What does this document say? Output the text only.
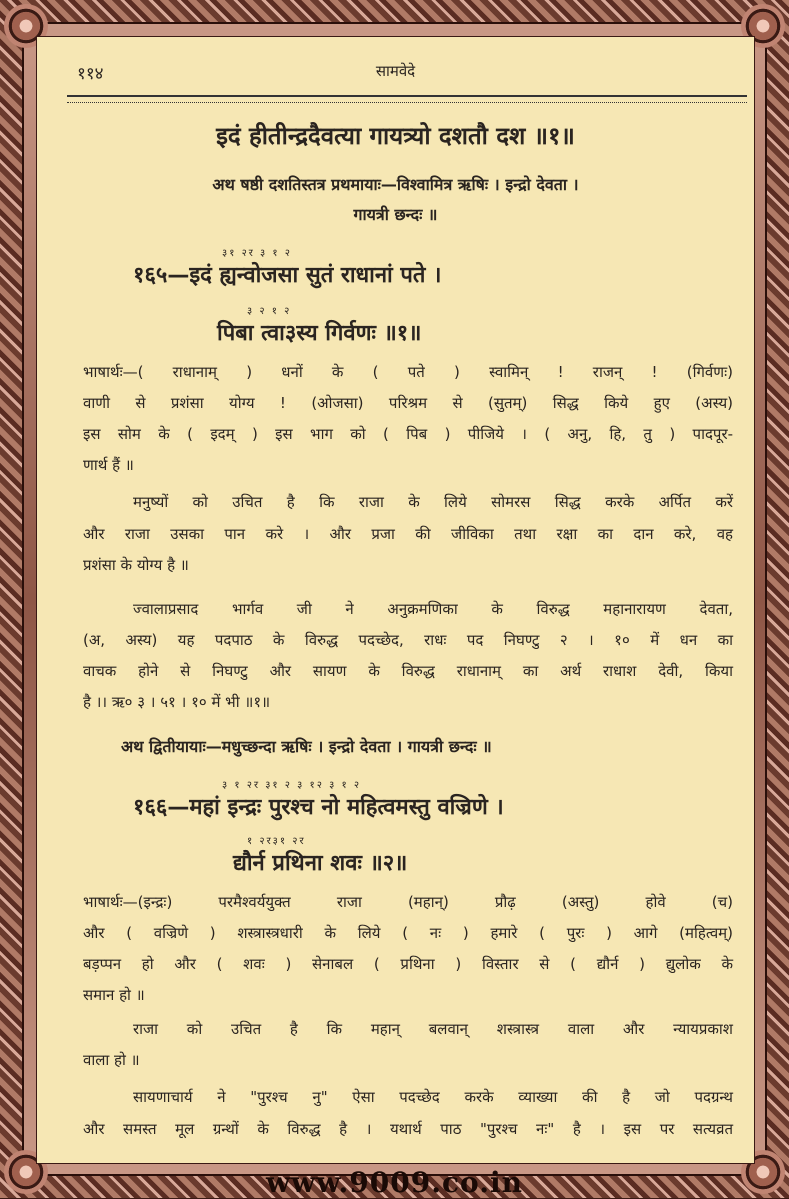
११४	सामवेदे
इदं हीतीन्द्रदैवत्या गायत्र्यो दशतौ दश ॥१॥
अथ षष्ठी दशतिस्तत्र प्रथमायाः—विश्वामित्र ऋषिः । इन्द्रो देवता ।
गायत्री छन्दः ॥
३१ २र ३ १ २
१६५—इदं ह्यन्वोजसा सुतं राधानां पते ।
३ २ १ २
पिबा त्वा३स्य गिर्वणः ॥१॥
भाषार्थः—( राधानाम् ) धनों के ( पते ) स्वामिन् ! राजन् ! (गिर्वणः)
वाणी से प्रशंसा योग्य ! (ओजसा) परिश्रम से (सुतम्) सिद्ध किये हुए (अस्य)
इस सोम के ( इदम् ) इस भाग को ( पिब ) पीजिये । ( अनु, हि, तु ) पादपूर-
णार्थ हैं ॥
मनुष्यों को उचित है कि राजा के लिये सोमरस सिद्ध करके अर्पित करें
और राजा उसका पान करे । और प्रजा की जीविका तथा रक्षा का दान करे, वह
प्रशंसा के योग्य है ॥
ज्वालाप्रसाद भार्गव जी ने अनुक्रमणिका के विरुद्ध महानारायण देवता,
(अ, अस्य) यह पदपाठ के विरुद्ध पदच्छेद, राधः पद निघण्टु २ । १० में धन का
वाचक होने से निघण्टु और सायण के विरुद्ध राधानाम् का अर्थ राधाश देवी, किया
है ।। ऋ० ३ । ५१ । १० में भी ॥१॥
अथ द्वितीयायाः—मधुच्छन्दा ऋषिः । इन्द्रो देवता । गायत्री छन्दः ॥
३ १ २र ३१ २ ३ १२ ३ १ २
१६६—महां इन्द्रः पुरश्च नो महित्वमस्तु वज्रिणे ।
१ २र३१ २र
द्यौर्न प्रथिना शवः ॥२॥
भाषार्थः—(इन्द्रः) परमैश्वर्ययुक्त राजा (महान्) प्रौढ़ (अस्तु) होवे (च)
और ( वज्रिणे ) शस्त्रास्त्रधारी के लिये ( नः ) हमारे ( पुरः ) आगे (महित्वम्)
बड़प्पन हो और ( शवः ) सेनाबल ( प्रथिना ) विस्तार से ( द्यौर्न ) द्युलोक के
समान हो ॥
राजा को उचित है कि महान् बलवान् शस्त्रास्त्र वाला और न्यायप्रकाश
वाला हो ॥
सायणाचार्य ने "पुरश्च नु" ऐसा पदच्छेद करके व्याख्या की है जो पदग्रन्थ
और समस्त मूल ग्रन्थों के विरुद्ध है । यथार्थ पाठ "पुरश्च नः" है । इस पर सत्यव्रत
www.9009.co.in
